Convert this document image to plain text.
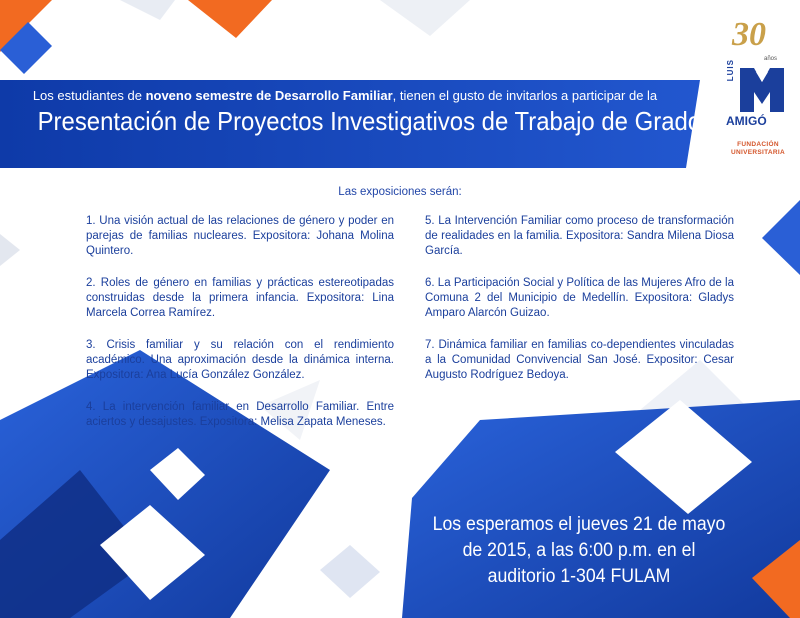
Los estudiantes de noveno semestre de Desarrollo Familiar, tienen el gusto de invitarlos a participar de la
Presentación de Proyectos Investigativos de Trabajo de Grado
30
años
LUIS
AMIGÓ
FUNDACIÓN
UNIVERSITARIA
Las exposiciones serán:

1. Una visión actual de las relaciones de género y poder en parejas de familias nucleares. Expositora: Johana Molina Quintero.

2. Roles de género en familias y prácticas estereotipadas construidas desde la primera infancia. Expositora: Lina Marcela Correa Ramírez.

3. Crisis familiar y su relación con el rendimiento académico. Una aproximación desde la dinámica interna. Expositora: Ana Lucía González González.

4. La intervención familiar en Desarrollo Familiar. Entre aciertos y desajustes. Expositora: Melisa Zapata Meneses.

5. La Intervención Familiar como proceso de transformación de realidades en la familia. Expositora: Sandra Milena Diosa García.

6. La Participación Social y Política de las Mujeres Afro de la Comuna 2 del Municipio de Medellín. Expositora: Gladys Amparo Alarcón Guizao.

7. Dinámica familiar en familias co-dependientes vinculadas a la Comunidad Convivencial San José. Expositor: Cesar Augusto Rodríguez Bedoya.

Los esperamos el jueves 21 de mayo
de 2015, a las 6:00 p.m. en el
auditorio 1-304 FULAM
